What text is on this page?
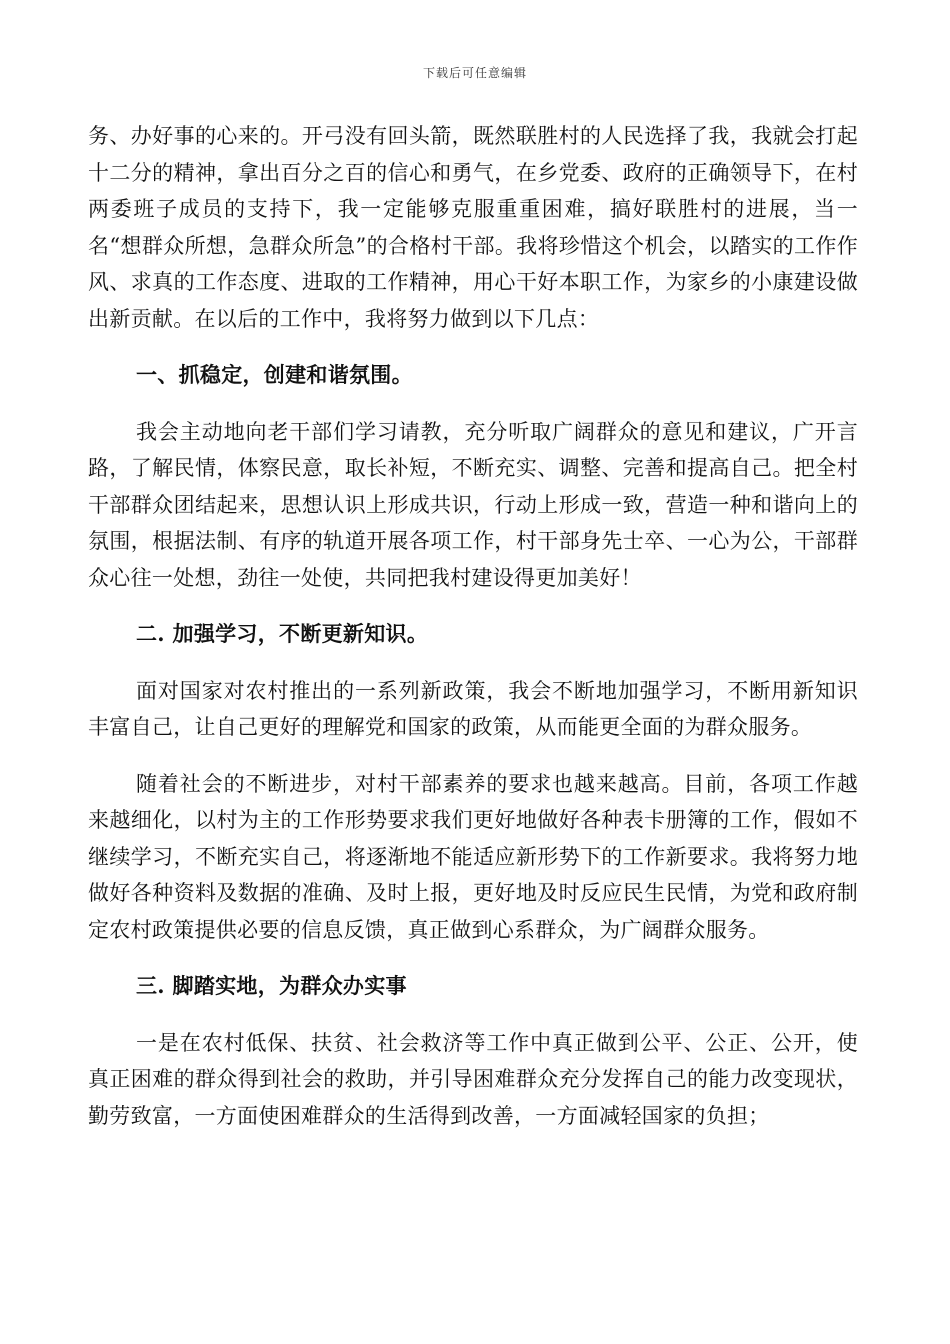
下载后可任意编辑

务、办好事的心来的。开弓没有回头箭，既然联胜村的人民选择了我，我就会打起十二分的精神，拿出百分之百的信心和勇气，在乡党委、政府的正确领导下，在村两委班子成员的支持下，我一定能够克服重重困难，搞好联胜村的进展，当一名“想群众所想，急群众所急”的合格村干部。我将珍惜这个机会，以踏实的工作作风、求真的工作态度、进取的工作精神，用心干好本职工作，为家乡的小康建设做出新贡献。在以后的工作中，我将努力做到以下几点：

一、抓稳定，创建和谐氛围。

我会主动地向老干部们学习请教，充分听取广阔群众的意见和建议，广开言路，了解民情，体察民意，取长补短，不断充实、调整、完善和提高自己。把全村干部群众团结起来，思想认识上形成共识，行动上形成一致，营造一种和谐向上的氛围，根据法制、有序的轨道开展各项工作，村干部身先士卒、一心为公，干部群众心往一处想，劲往一处使，共同把我村建设得更加美好！

二. 加强学习，不断更新知识。

面对国家对农村推出的一系列新政策，我会不断地加强学习，不断用新知识丰富自己，让自己更好的理解党和国家的政策，从而能更全面的为群众服务。

随着社会的不断进步，对村干部素养的要求也越来越高。目前，各项工作越来越细化，以村为主的工作形势要求我们更好地做好各种表卡册簿的工作，假如不继续学习，不断充实自己，将逐渐地不能适应新形势下的工作新要求。我将努力地做好各种资料及数据的准确、及时上报，更好地及时反应民生民情，为党和政府制定农村政策提供必要的信息反馈，真正做到心系群众，为广阔群众服务。

三. 脚踏实地，为群众办实事

一是在农村低保、扶贫、社会救济等工作中真正做到公平、公正、公开，使真正困难的群众得到社会的救助，并引导困难群众充分发挥自己的能力改变现状，勤劳致富，一方面使困难群众的生活得到改善，一方面减轻国家的负担；
